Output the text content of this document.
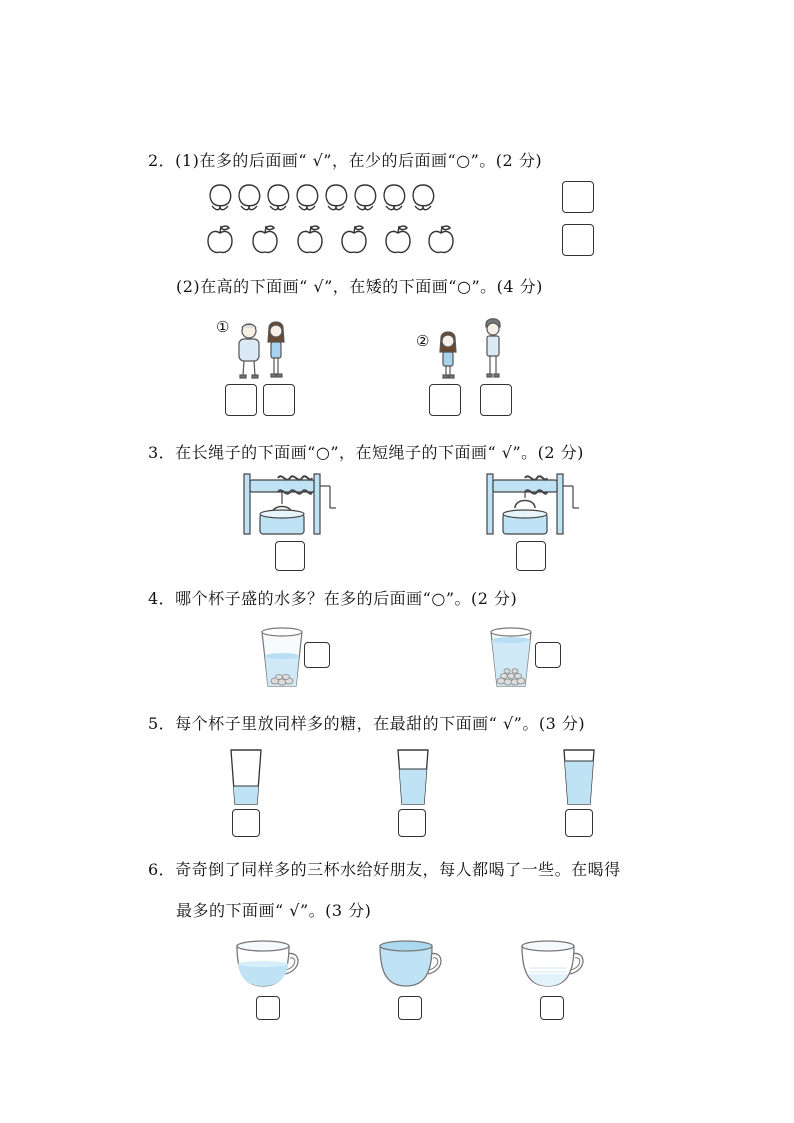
2．(1)在多的后面画“ √”，在少的后面画“○”。(2 分)
(2)在高的下面画“ √”，在矮的下面画“○”。(4 分)
①
②
3．在长绳子的下面画“○”，在短绳子的下面画“ √”。(2 分)
4．哪个杯子盛的水多？在多的后面画“○”。(2 分)
5．每个杯子里放同样多的糖，在最甜的下面画“ √”。(3 分)
6．奇奇倒了同样多的三杯水给好朋友，每人都喝了一些。在喝得
最多的下面画“ √”。(3 分)
